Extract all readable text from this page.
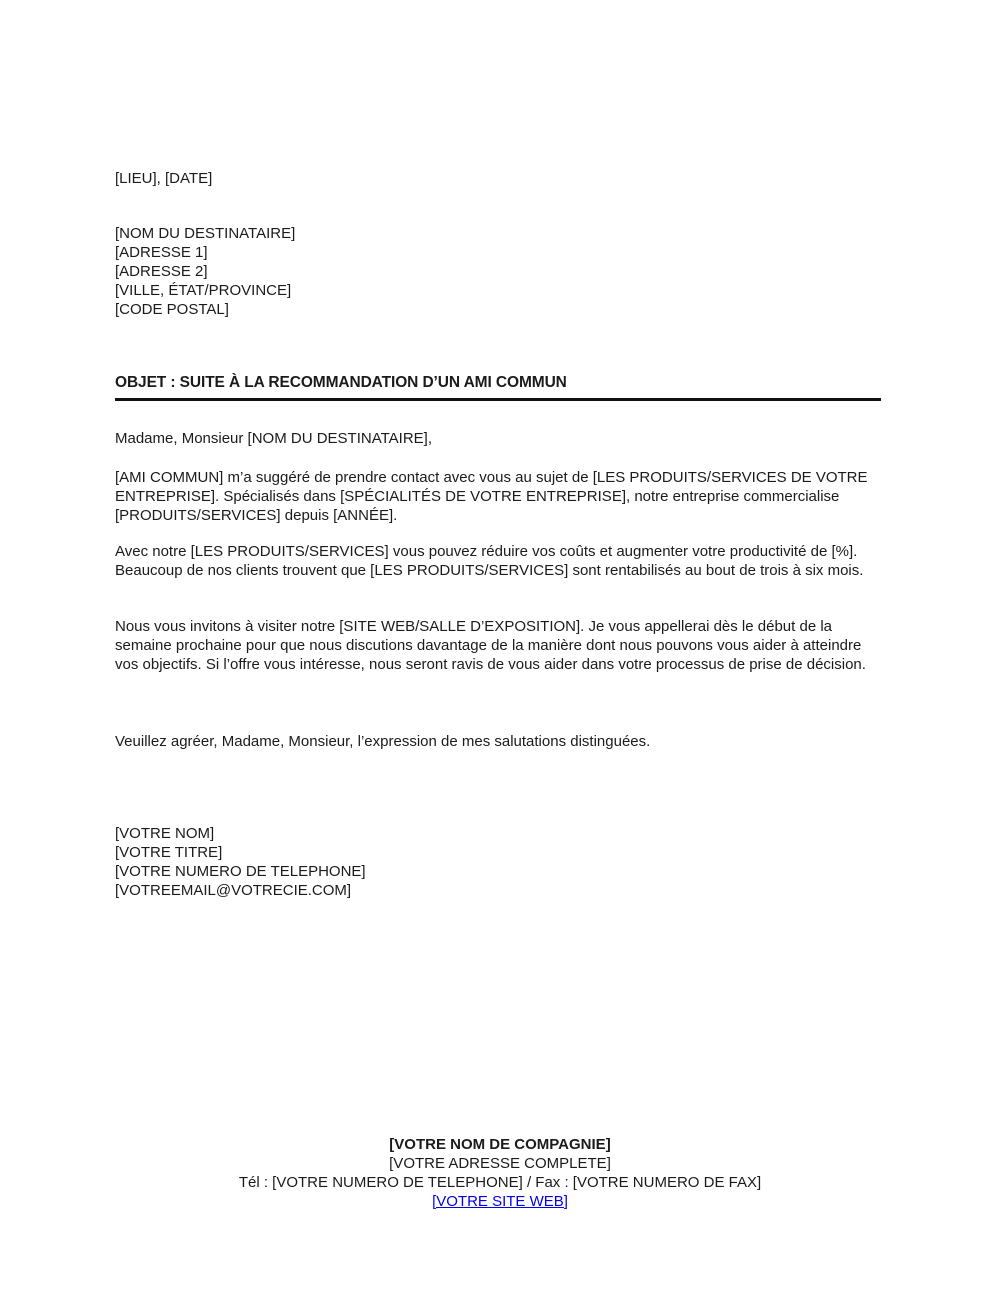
[LIEU], [DATE]
[NOM DU DESTINATAIRE]
[ADRESSE 1]
[ADRESSE 2]
[VILLE, ÉTAT/PROVINCE]
[CODE POSTAL]
OBJET : SUITE À LA RECOMMANDATION D’UN AMI COMMUN
Madame, Monsieur [NOM DU DESTINATAIRE],
[AMI COMMUN] m’a suggéré de prendre contact avec vous au sujet de [LES PRODUITS/SERVICES DE VOTRE ENTREPRISE]. Spécialisés dans [SPÉCIALITÉS DE VOTRE ENTREPRISE], notre entreprise commercialise [PRODUITS/SERVICES] depuis [ANNÉE].
Avec notre [LES PRODUITS/SERVICES] vous pouvez réduire vos coûts et augmenter votre productivité de [%]. Beaucoup de nos clients trouvent que [LES PRODUITS/SERVICES] sont rentabilisés au bout de trois à six mois.
Nous vous invitons à visiter notre [SITE WEB/SALLE D’EXPOSITION]. Je vous appellerai dès le début de la semaine prochaine pour que nous discutions davantage de la manière dont nous pouvons vous aider à atteindre vos objectifs. Si l’offre vous intéresse, nous seront ravis de vous aider dans votre processus de prise de décision.
Veuillez agréer, Madame, Monsieur, l’expression de mes salutations distinguées.
[VOTRE NOM]
[VOTRE TITRE]
[VOTRE NUMERO DE TELEPHONE]
[VOTREEMAIL@VOTRECIE.COM]
[VOTRE NOM DE COMPAGNIE]
[VOTRE ADRESSE COMPLETE]
Tél : [VOTRE NUMERO DE TELEPHONE] / Fax : [VOTRE NUMERO DE FAX]
[VOTRE SITE WEB]
